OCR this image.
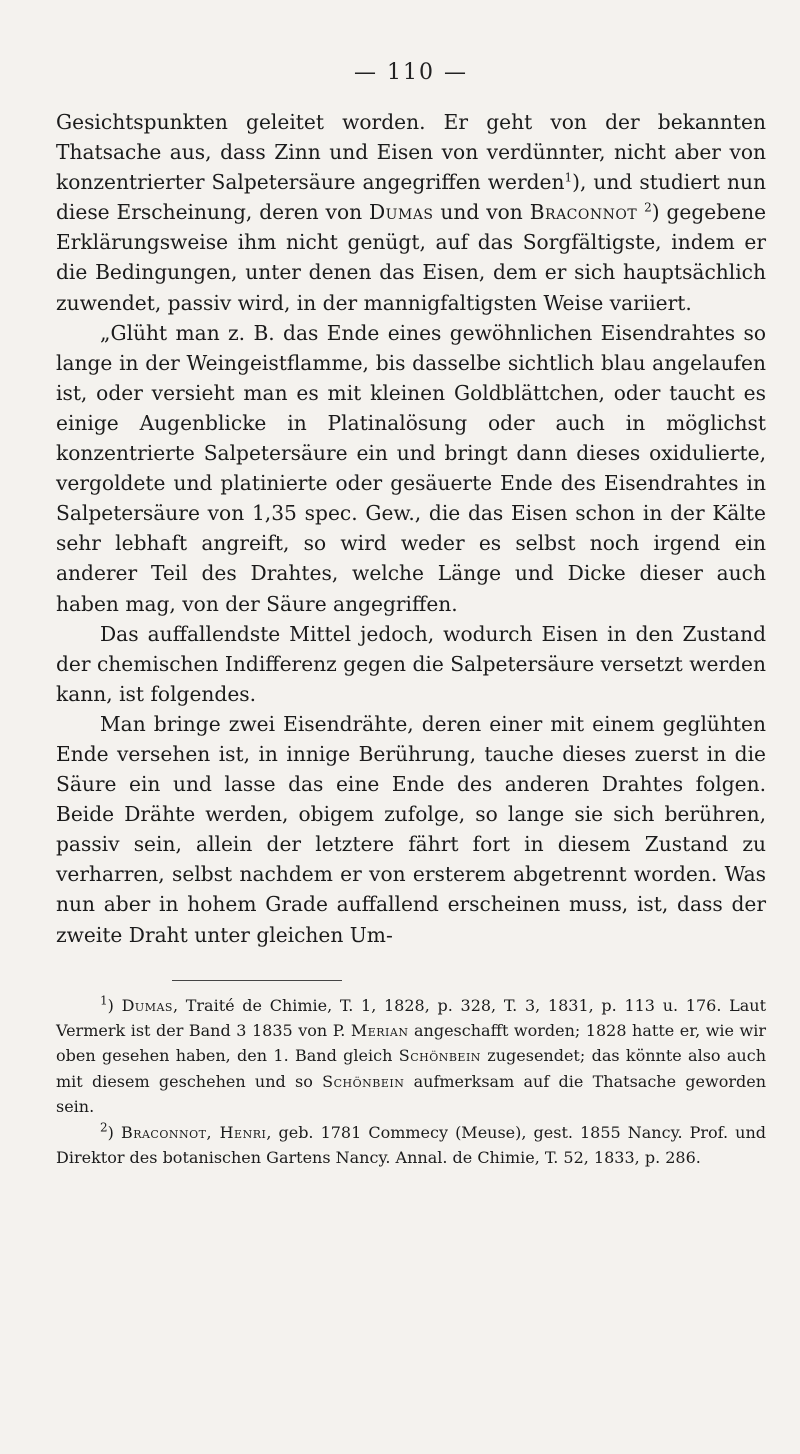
— 110 —

Gesichtspunkten geleitet worden. Er geht von der bekannten Thatsache aus, dass Zinn und Eisen von verdünnter, nicht aber von konzentrierter Salpetersäure angegriffen werden$^1$), und studiert nun diese Erscheinung, deren von Dumas und von Braconnot $^2$) gegebene Erklärungsweise ihm nicht genügt, auf das Sorgfältigste, indem er die Bedingungen, unter denen das Eisen, dem er sich hauptsächlich zuwendet, passiv wird, in der mannigfaltigsten Weise variiert.

„Glüht man z. B. das Ende eines gewöhnlichen Eisendrahtes so lange in der Weingeistflamme, bis dasselbe sichtlich blau angelaufen ist, oder versieht man es mit kleinen Goldblättchen, oder taucht es einige Augenblicke in Platinalösung oder auch in möglichst konzentrierte Salpetersäure ein und bringt dann dieses oxidulierte, vergoldete und platinierte oder gesäuerte Ende des Eisendrahtes in Salpetersäure von 1,35 spec. Gew., die das Eisen schon in der Kälte sehr lebhaft angreift, so wird weder es selbst noch irgend ein anderer Teil des Drahtes, welche Länge und Dicke dieser auch haben mag, von der Säure angegriffen.

Das auffallendste Mittel jedoch, wodurch Eisen in den Zustand der chemischen Indifferenz gegen die Salpetersäure versetzt werden kann, ist folgendes.

Man bringe zwei Eisendrähte, deren einer mit einem geglühten Ende versehen ist, in innige Berührung, tauche dieses zuerst in die Säure ein und lasse das eine Ende des anderen Drahtes folgen. Beide Drähte werden, obigem zufolge, so lange sie sich berühren, passiv sein, allein der letztere fährt fort in diesem Zustand zu verharren, selbst nachdem er von ersterem abgetrennt worden. Was nun aber in hohem Grade auffallend erscheinen muss, ist, dass der zweite Draht unter gleichen Um-

$^1$) Dumas, Traité de Chimie, T. 1, 1828, p. 328, T. 3, 1831, p. 113 u. 176. Laut Vermerk ist der Band 3 1835 von P. Merian angeschafft worden; 1828 hatte er, wie wir oben gesehen haben, den 1. Band gleich Schönbein zugesendet; das könnte also auch mit diesem geschehen und so Schönbein aufmerksam auf die Thatsache geworden sein.

$^2$) Braconnot, Henri, geb. 1781 Commecy (Meuse), gest. 1855 Nancy. Prof. und Direktor des botanischen Gartens Nancy. Annal. de Chimie, T. 52, 1833, p. 286.
